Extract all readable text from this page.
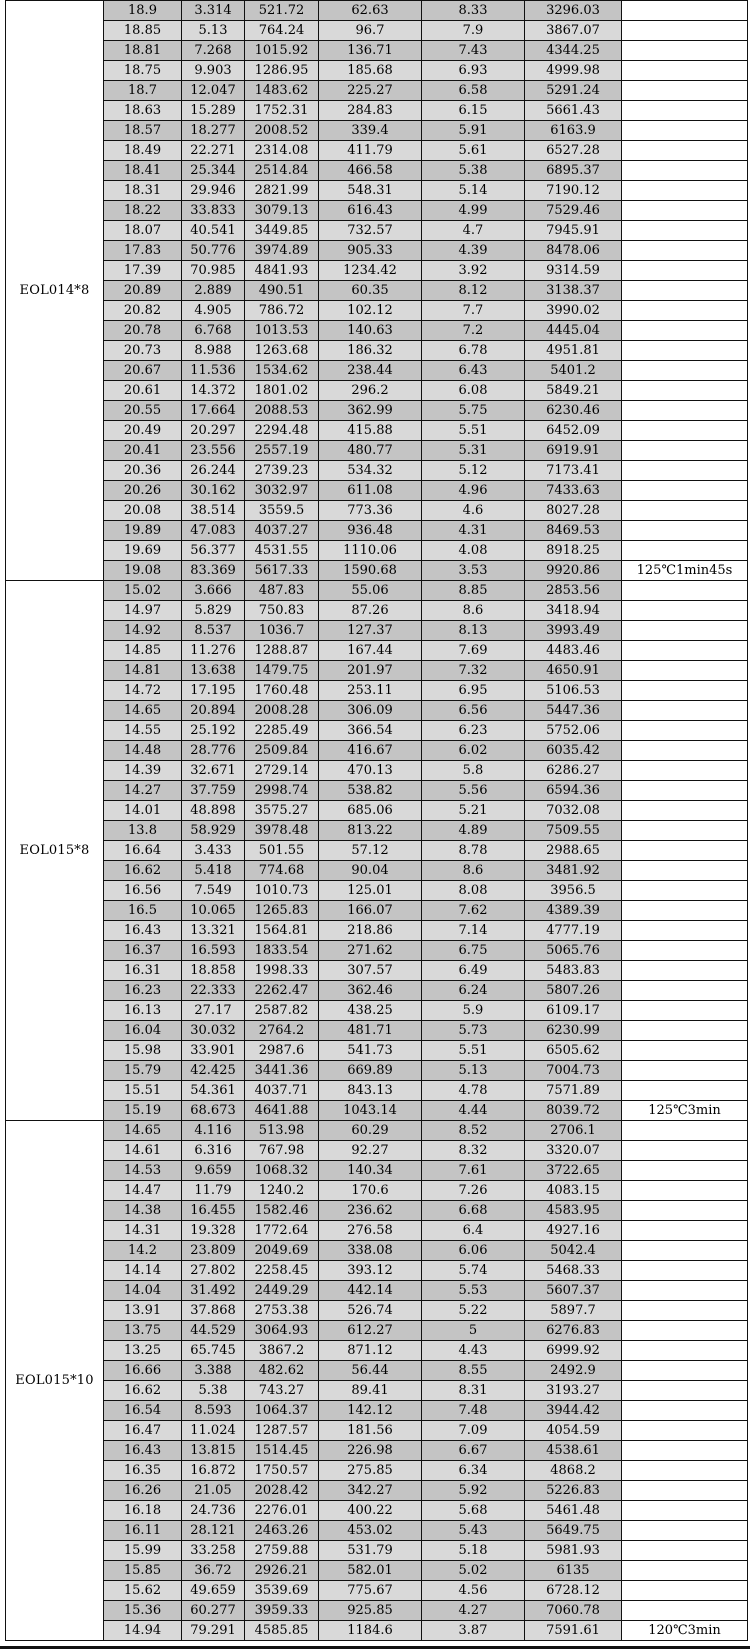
EOL014*8	18.9	3.314	521.72	62.63	8.33	3296.03	
	18.85	5.13	764.24	96.7	7.9	3867.07	
	18.81	7.268	1015.92	136.71	7.43	4344.25	
	18.75	9.903	1286.95	185.68	6.93	4999.98	
	18.7	12.047	1483.62	225.27	6.58	5291.24	
	18.63	15.289	1752.31	284.83	6.15	5661.43	
	18.57	18.277	2008.52	339.4	5.91	6163.9	
	18.49	22.271	2314.08	411.79	5.61	6527.28	
	18.41	25.344	2514.84	466.58	5.38	6895.37	
	18.31	29.946	2821.99	548.31	5.14	7190.12	
	18.22	33.833	3079.13	616.43	4.99	7529.46	
	18.07	40.541	3449.85	732.57	4.7	7945.91	
	17.83	50.776	3974.89	905.33	4.39	8478.06	
	17.39	70.985	4841.93	1234.42	3.92	9314.59	
	20.89	2.889	490.51	60.35	8.12	3138.37	
	20.82	4.905	786.72	102.12	7.7	3990.02	
	20.78	6.768	1013.53	140.63	7.2	4445.04	
	20.73	8.988	1263.68	186.32	6.78	4951.81	
	20.67	11.536	1534.62	238.44	6.43	5401.2	
	20.61	14.372	1801.02	296.2	6.08	5849.21	
	20.55	17.664	2088.53	362.99	5.75	6230.46	
	20.49	20.297	2294.48	415.88	5.51	6452.09	
	20.41	23.556	2557.19	480.77	5.31	6919.91	
	20.36	26.244	2739.23	534.32	5.12	7173.41	
	20.26	30.162	3032.97	611.08	4.96	7433.63	
	20.08	38.514	3559.5	773.36	4.6	8027.28	
	19.89	47.083	4037.27	936.48	4.31	8469.53	
	19.69	56.377	4531.55	1110.06	4.08	8918.25	
	19.08	83.369	5617.33	1590.68	3.53	9920.86	125℃1min45s
EOL015*8	15.02	3.666	487.83	55.06	8.85	2853.56	
	14.97	5.829	750.83	87.26	8.6	3418.94	
	14.92	8.537	1036.7	127.37	8.13	3993.49	
	14.85	11.276	1288.87	167.44	7.69	4483.46	
	14.81	13.638	1479.75	201.97	7.32	4650.91	
	14.72	17.195	1760.48	253.11	6.95	5106.53	
	14.65	20.894	2008.28	306.09	6.56	5447.36	
	14.55	25.192	2285.49	366.54	6.23	5752.06	
	14.48	28.776	2509.84	416.67	6.02	6035.42	
	14.39	32.671	2729.14	470.13	5.8	6286.27	
	14.27	37.759	2998.74	538.82	5.56	6594.36	
	14.01	48.898	3575.27	685.06	5.21	7032.08	
	13.8	58.929	3978.48	813.22	4.89	7509.55	
	16.64	3.433	501.55	57.12	8.78	2988.65	
	16.62	5.418	774.68	90.04	8.6	3481.92	
	16.56	7.549	1010.73	125.01	8.08	3956.5	
	16.5	10.065	1265.83	166.07	7.62	4389.39	
	16.43	13.321	1564.81	218.86	7.14	4777.19	
	16.37	16.593	1833.54	271.62	6.75	5065.76	
	16.31	18.858	1998.33	307.57	6.49	5483.83	
	16.23	22.333	2262.47	362.46	6.24	5807.26	
	16.13	27.17	2587.82	438.25	5.9	6109.17	
	16.04	30.032	2764.2	481.71	5.73	6230.99	
	15.98	33.901	2987.6	541.73	5.51	6505.62	
	15.79	42.425	3441.36	669.89	5.13	7004.73	
	15.51	54.361	4037.71	843.13	4.78	7571.89	
	15.19	68.673	4641.88	1043.14	4.44	8039.72	125℃3min
EOL015*10	14.65	4.116	513.98	60.29	8.52	2706.1	
	14.61	6.316	767.98	92.27	8.32	3320.07	
	14.53	9.659	1068.32	140.34	7.61	3722.65	
	14.47	11.79	1240.2	170.6	7.26	4083.15	
	14.38	16.455	1582.46	236.62	6.68	4583.95	
	14.31	19.328	1772.64	276.58	6.4	4927.16	
	14.2	23.809	2049.69	338.08	6.06	5042.4	
	14.14	27.802	2258.45	393.12	5.74	5468.33	
	14.04	31.492	2449.29	442.14	5.53	5607.37	
	13.91	37.868	2753.38	526.74	5.22	5897.7	
	13.75	44.529	3064.93	612.27	5	6276.83	
	13.25	65.745	3867.2	871.12	4.43	6999.92	
	16.66	3.388	482.62	56.44	8.55	2492.9	
	16.62	5.38	743.27	89.41	8.31	3193.27	
	16.54	8.593	1064.37	142.12	7.48	3944.42	
	16.47	11.024	1287.57	181.56	7.09	4054.59	
	16.43	13.815	1514.45	226.98	6.67	4538.61	
	16.35	16.872	1750.57	275.85	6.34	4868.2	
	16.26	21.05	2028.42	342.27	5.92	5226.83	
	16.18	24.736	2276.01	400.22	5.68	5461.48	
	16.11	28.121	2463.26	453.02	5.43	5649.75	
	15.99	33.258	2759.88	531.79	5.18	5981.93	
	15.85	36.72	2926.21	582.01	5.02	6135	
	15.62	49.659	3539.69	775.67	4.56	6728.12	
	15.36	60.277	3959.33	925.85	4.27	7060.78	
	14.94	79.291	4585.85	1184.6	3.87	7591.61	120℃3min
